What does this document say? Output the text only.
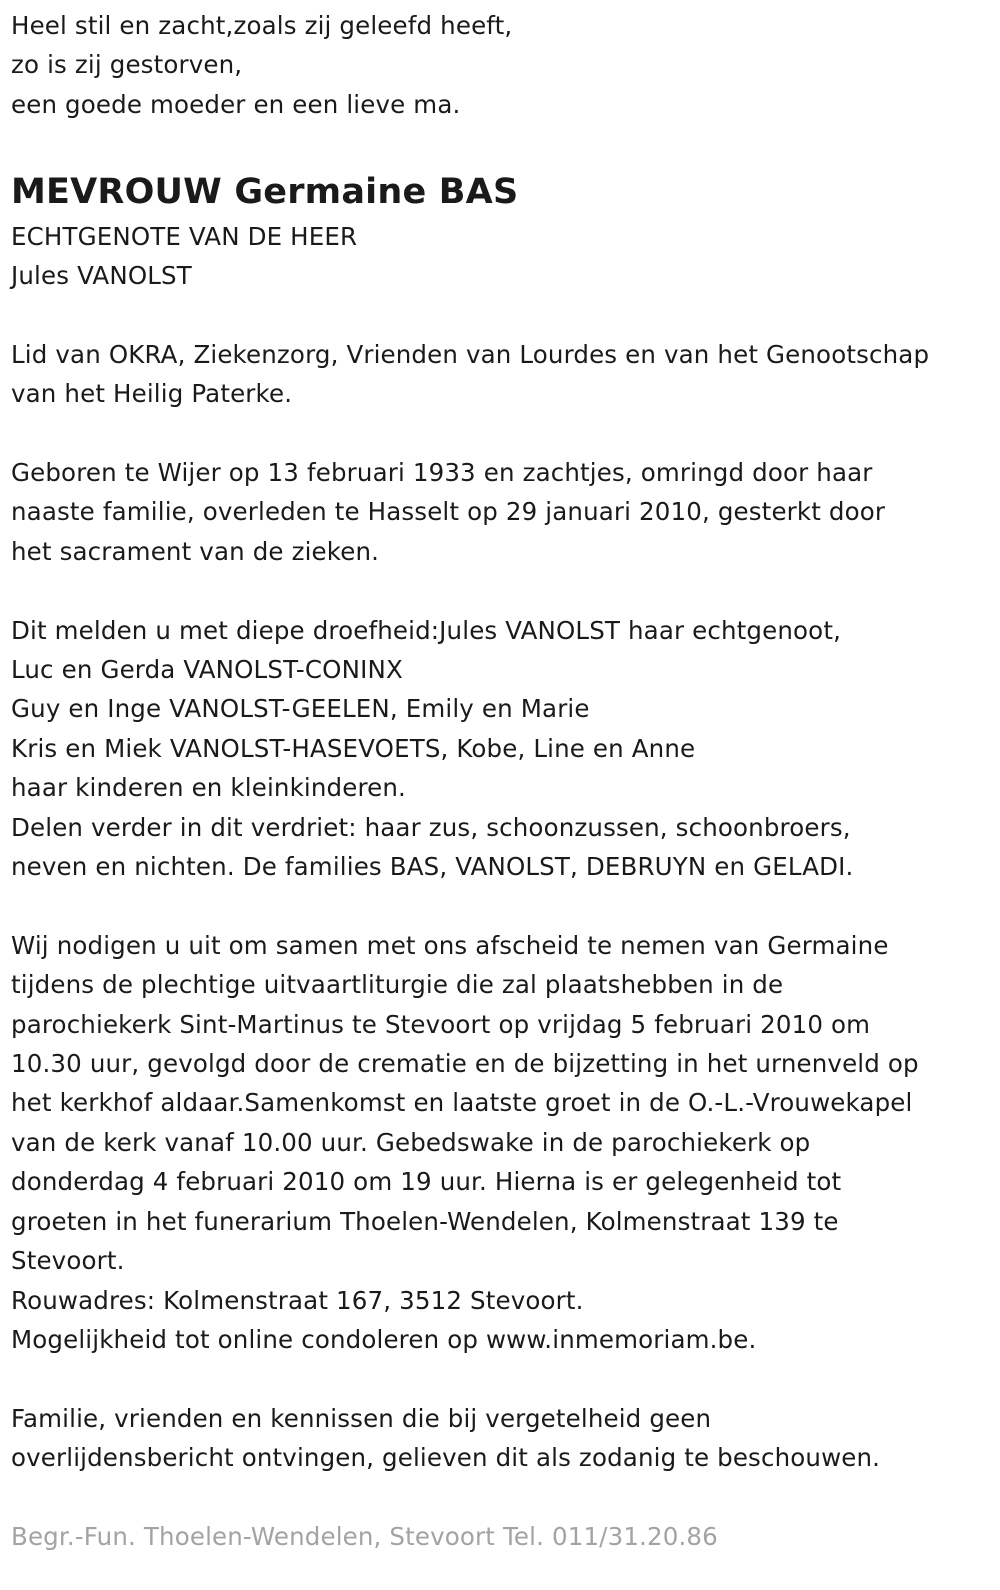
Heel stil en zacht,zoals zij geleefd heeft,
zo is zij gestorven,
een goede moeder en een lieve ma.
MEVROUW Germaine BAS
ECHTGENOTE VAN DE HEER
Jules VANOLST
Lid van OKRA, Ziekenzorg, Vrienden van Lourdes en van het Genootschap
van het Heilig Paterke.
Geboren te Wijer op 13 februari 1933 en zachtjes, omringd door haar
naaste familie, overleden te Hasselt op 29 januari 2010, gesterkt door
het sacrament van de zieken.
Dit melden u met diepe droefheid:Jules VANOLST haar echtgenoot,
Luc en Gerda VANOLST-CONINX
Guy en Inge VANOLST-GEELEN, Emily en Marie
Kris en Miek VANOLST-HASEVOETS, Kobe, Line en Anne
haar kinderen en kleinkinderen.
Delen verder in dit verdriet: haar zus, schoonzussen, schoonbroers,
neven en nichten. De families BAS, VANOLST, DEBRUYN en GELADI.
Wij nodigen u uit om samen met ons afscheid te nemen van Germaine
tijdens de plechtige uitvaartliturgie die zal plaatshebben in de
parochiekerk Sint-Martinus te Stevoort op vrijdag 5 februari 2010 om
10.30 uur, gevolgd door de crematie en de bijzetting in het urnenveld op
het kerkhof aldaar.Samenkomst en laatste groet in de O.-L.-Vrouwekapel
van de kerk vanaf 10.00 uur. Gebedswake in de parochiekerk op
donderdag 4 februari 2010 om 19 uur. Hierna is er gelegenheid tot
groeten in het funerarium Thoelen-Wendelen, Kolmenstraat 139 te
Stevoort.
Rouwadres: Kolmenstraat 167, 3512 Stevoort.
Mogelijkheid tot online condoleren op www.inmemoriam.be.
Familie, vrienden en kennissen die bij vergetelheid geen
overlijdensbericht ontvingen, gelieven dit als zodanig te beschouwen.
Begr.-Fun. Thoelen-Wendelen, Stevoort Tel. 011/31.20.86
